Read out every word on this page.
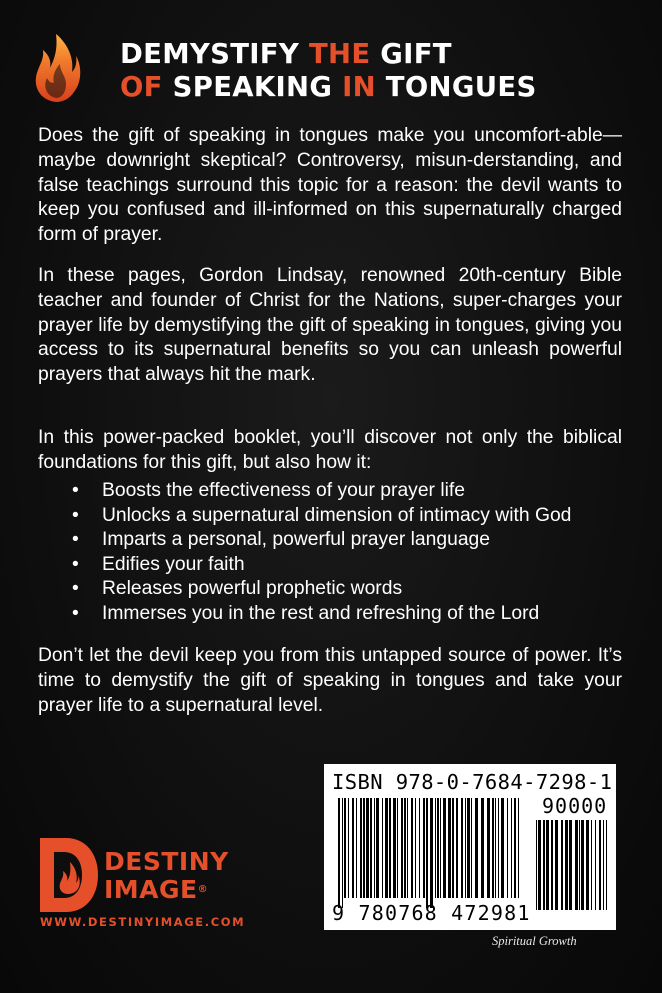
DEMYSTIFY THE GIFT
OF SPEAKING IN TONGUES

Does the gift of speaking in tongues make you uncomfort-able—maybe downright skeptical? Controversy, misun-derstanding, and false teachings surround this topic for a reason: the devil wants to keep you confused and ill-informed on this supernaturally charged form of prayer.

In these pages, Gordon Lindsay, renowned 20th-century Bible teacher and founder of Christ for the Nations, super-charges your prayer life by demystifying the gift of speaking in tongues, giving you access to its supernatural benefits so you can unleash powerful prayers that always hit the mark.

In this power-packed booklet, you’ll discover not only the biblical foundations for this gift, but also how it:

• Boosts the effectiveness of your prayer life
• Unlocks a supernatural dimension of intimacy with God
• Imparts a personal, powerful prayer language
• Edifies your faith
• Releases powerful prophetic words
• Immerses you in the rest and refreshing of the Lord

Don’t let the devil keep you from this untapped source of power. It’s time to demystify the gift of speaking in tongues and take your prayer life to a supernatural level.

ISBN 978-0-7684-7298-1
90000
9 780768 472981
DESTINY
IMAGE®
WWW.DESTINYIMAGE.COM
Spiritual Growth
